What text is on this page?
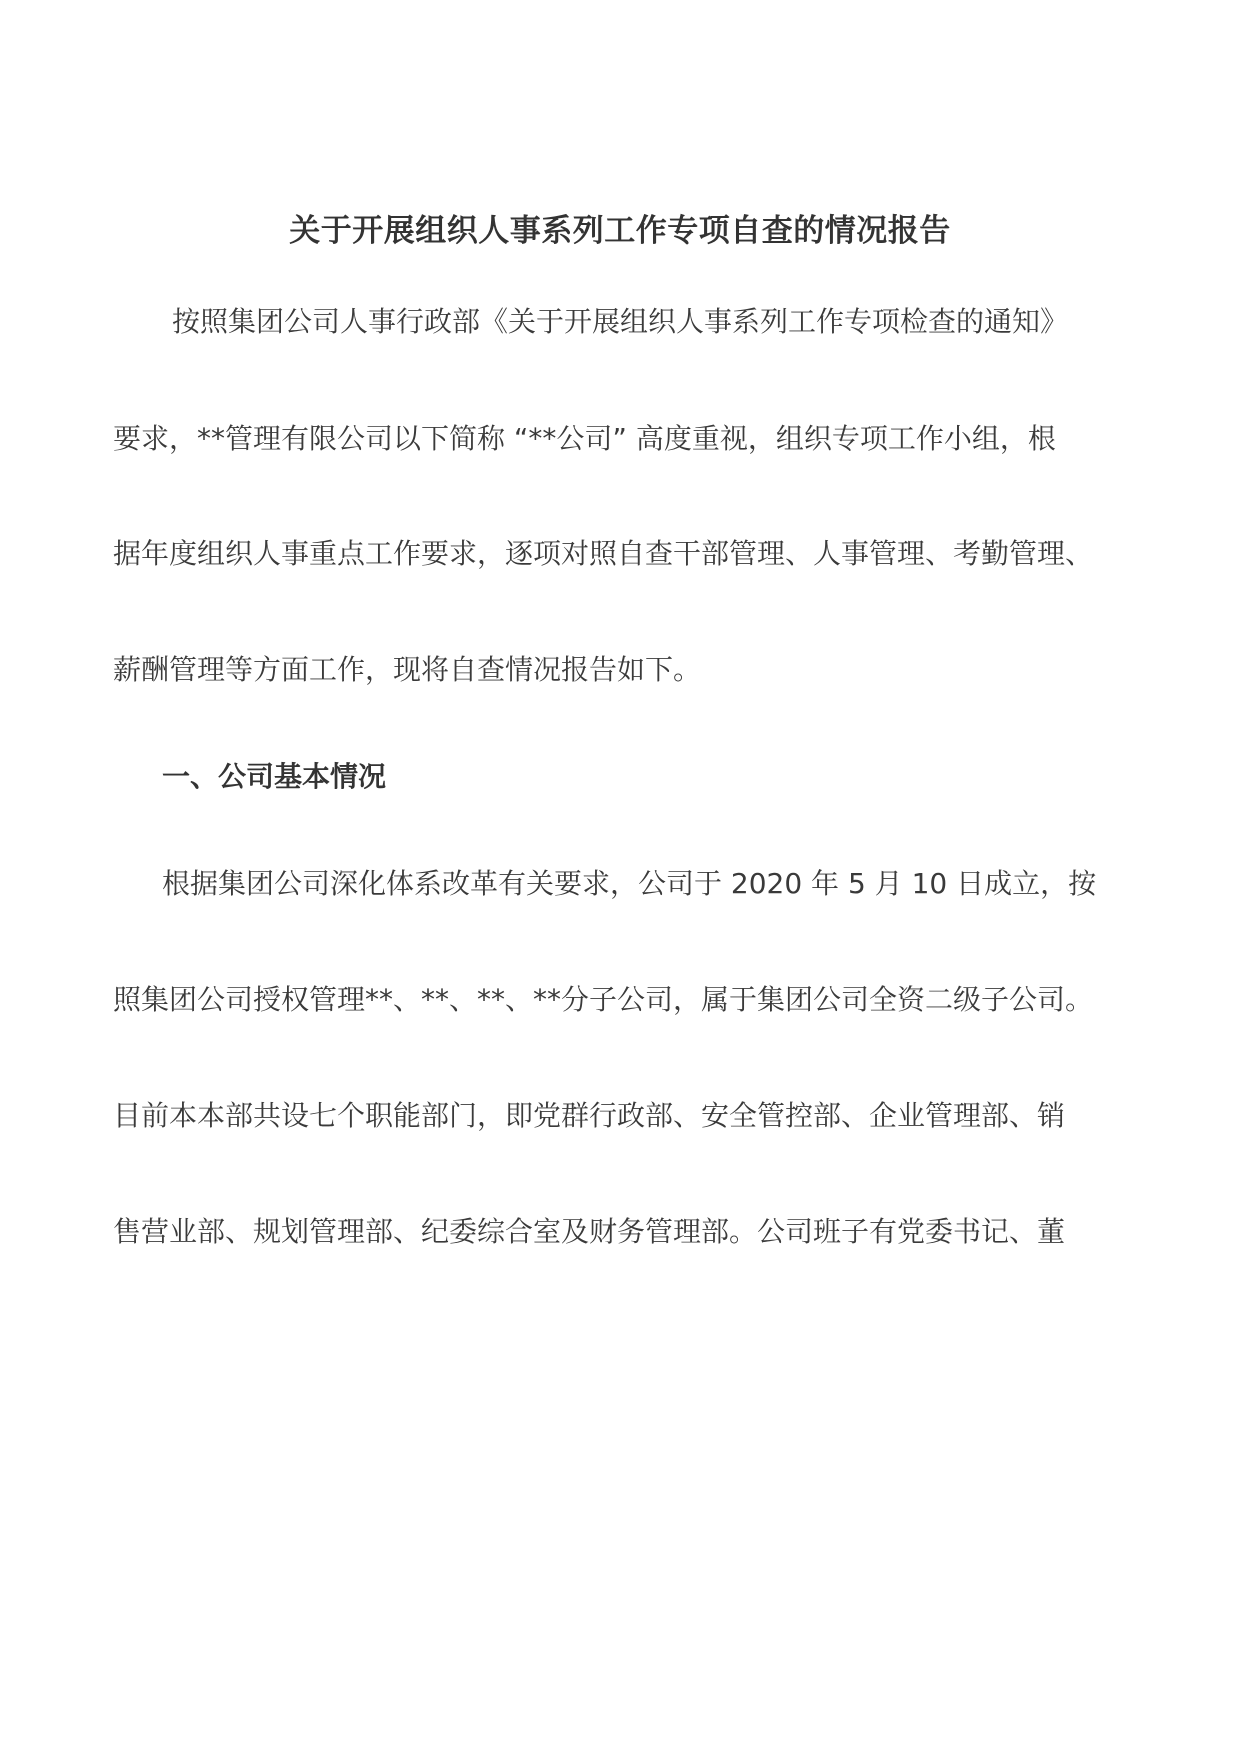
关于开展组织人事系列工作专项自查的情况报告
按照集团公司人事行政部《关于开展组织人事系列工作专项检查的通知》
要求，**管理有限公司以下简称 “**公司” 高度重视，组织专项工作小组，根
据年度组织人事重点工作要求，逐项对照自查干部管理、人事管理、考勤管理、
薪酬管理等方面工作，现将自查情况报告如下。
一、公司基本情况
根据集团公司深化体系改革有关要求，公司于 2020 年 5 月 10 日成立，按
照集团公司授权管理**、**、**、**分子公司，属于集团公司全资二级子公司。
目前本本部共设七个职能部门，即党群行政部、安全管控部、企业管理部、销
售营业部、规划管理部、纪委综合室及财务管理部。公司班子有党委书记、董
